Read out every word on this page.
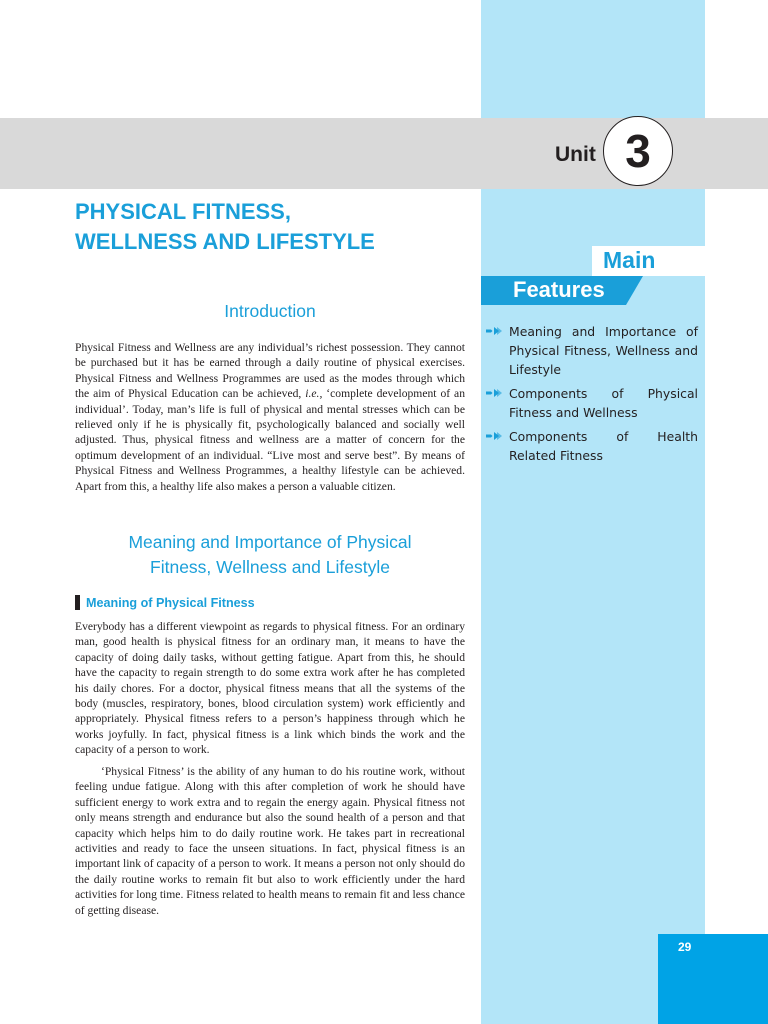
Unit 3
PHYSICAL FITNESS,
WELLNESS AND LIFESTYLE
Main
Features
Meaning and Importance of Physical Fitness, Wellness and Lifestyle
Components of Physical Fitness and Wellness
Components of Health Related Fitness
Introduction

Physical Fitness and Wellness are any individual’s richest possession. They cannot be purchased but it has be earned through a daily routine of physical exercises. Physical Fitness and Wellness Programmes are used as the modes through which the aim of Physical Education can be achieved, i.e., ‘complete development of an individual’. Today, man’s life is full of physical and mental stresses which can be relieved only if he is physically fit, psychologically balanced and socially well adjusted. Thus, physical fitness and wellness are a matter of concern for the optimum development of an individual. “Live most and serve best”. By means of Physical Fitness and Wellness Programmes, a healthy lifestyle can be achieved. Apart from this, a healthy life also makes a person a valuable citizen.

Meaning and Importance of Physical
Fitness, Wellness and Lifestyle
Meaning of Physical Fitness

Everybody has a different viewpoint as regards to physical fitness. For an ordinary man, good health is physical fitness for an ordinary man, it means to have the capacity of doing daily tasks, without getting fatigue. Apart from this, he should have the capacity to regain strength to do some extra work after he has completed his daily chores. For a doctor, physical fitness means that all the systems of the body (muscles, respiratory, bones, blood circulation system) work efficiently and appropriately. Physical fitness refers to a person’s happiness through which he works joyfully. In fact, physical fitness is a link which binds the work and the capacity of a person to work.

‘Physical Fitness’ is the ability of any human to do his routine work, without feeling undue fatigue. Along with this after completion of work he should have sufficient energy to work extra and to regain the energy again. Physical fitness not only means strength and endurance but also the sound health of a person and that capacity which helps him to do daily routine work. He takes part in recreational activities and ready to face the unseen situations. In fact, physical fitness is an important link of capacity of a person to work. It means a person not only should do the daily routine works to remain fit but also to work efficiently under the hard activities for long time. Fitness related to health means to remain fit and less chance of getting disease.

29
